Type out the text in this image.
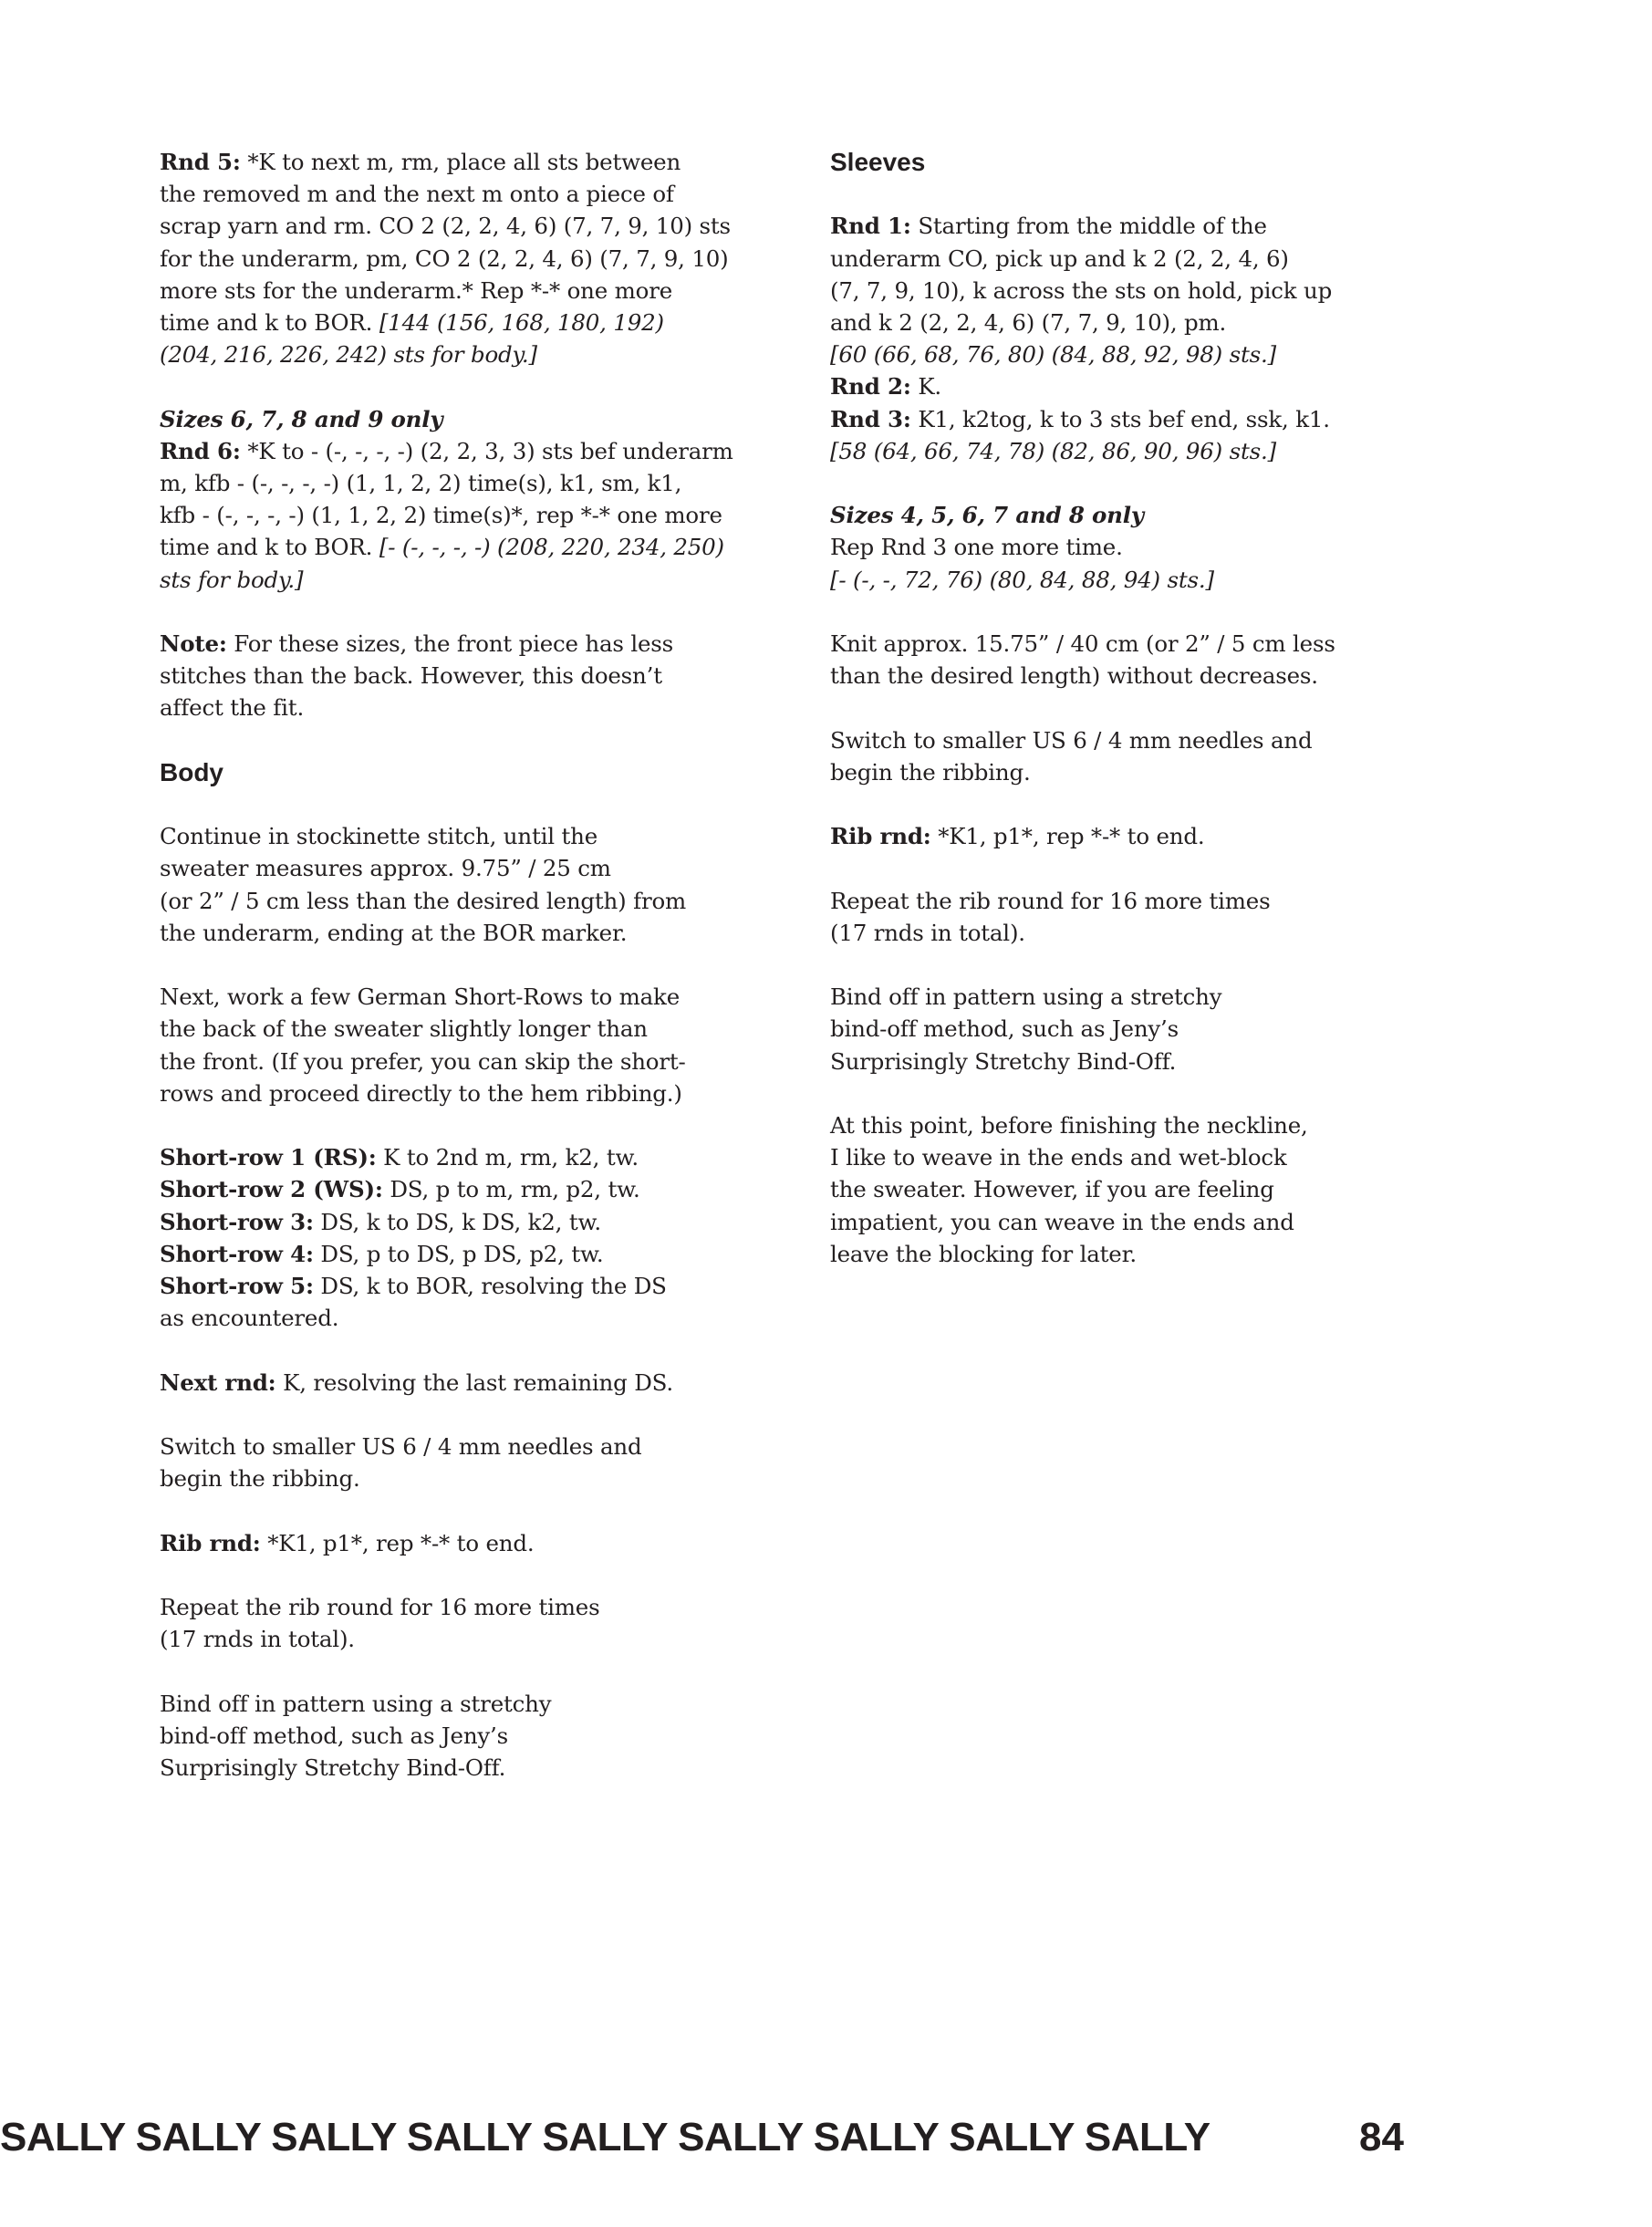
Rnd 5: *K to next m, rm, place all sts between
the removed m and the next m onto a piece of
scrap yarn and rm. CO 2 (2, 2, 4, 6) (7, 7, 9, 10) sts
for the underarm, pm, CO 2 (2, 2, 4, 6) (7, 7, 9, 10)
more sts for the underarm.* Rep *-* one more
time and k to BOR. [144 (156, 168, 180, 192)
(204, 216, 226, 242) sts for body.]

Sizes 6, 7, 8 and 9 only
Rnd 6: *K to - (-, -, -, -) (2, 2, 3, 3) sts bef underarm
m, kfb - (-, -, -, -) (1, 1, 2, 2) time(s), k1, sm, k1,
kfb - (-, -, -, -) (1, 1, 2, 2) time(s)*, rep *-* one more
time and k to BOR. [- (-, -, -, -) (208, 220, 234, 250)
sts for body.]

Note: For these sizes, the front piece has less
stitches than the back. However, this doesn’t
affect the fit.

Body

Continue in stockinette stitch, until the
sweater measures approx. 9.75” / 25 cm
(or 2” / 5 cm less than the desired length) from
the underarm, ending at the BOR marker.

Next, work a few German Short-Rows to make
the back of the sweater slightly longer than
the front. (If you prefer, you can skip the short-
rows and proceed directly to the hem ribbing.)

Short-row 1 (RS): K to 2nd m, rm, k2, tw.
Short-row 2 (WS): DS, p to m, rm, p2, tw.
Short-row 3: DS, k to DS, k DS, k2, tw.
Short-row 4: DS, p to DS, p DS, p2, tw.
Short-row 5: DS, k to BOR, resolving the DS
as encountered.

Next rnd: K, resolving the last remaining DS.

Switch to smaller US 6 / 4 mm needles and
begin the ribbing.

Rib rnd: *K1, p1*, rep *-* to end.

Repeat the rib round for 16 more times
(17 rnds in total).

Bind off in pattern using a stretchy
bind-off method, such as Jeny’s
Surprisingly Stretchy Bind-Off.

Sleeves

Rnd 1: Starting from the middle of the
underarm CO, pick up and k 2 (2, 2, 4, 6)
(7, 7, 9, 10), k across the sts on hold, pick up
and k 2 (2, 2, 4, 6) (7, 7, 9, 10), pm.
[60 (66, 68, 76, 80) (84, 88, 92, 98) sts.]
Rnd 2: K.
Rnd 3: K1, k2tog, k to 3 sts bef end, ssk, k1.
[58 (64, 66, 74, 78) (82, 86, 90, 96) sts.]

Sizes 4, 5, 6, 7 and 8 only
Rep Rnd 3 one more time.
[- (-, -, 72, 76) (80, 84, 88, 94) sts.]

Knit approx. 15.75” / 40 cm (or 2” / 5 cm less
than the desired length) without decreases.

Switch to smaller US 6 / 4 mm needles and
begin the ribbing.

Rib rnd: *K1, p1*, rep *-* to end.

Repeat the rib round for 16 more times
(17 rnds in total).

Bind off in pattern using a stretchy
bind-off method, such as Jeny’s
Surprisingly Stretchy Bind-Off.

At this point, before finishing the neckline,
I like to weave in the ends and wet-block
the sweater. However, if you are feeling
impatient, you can weave in the ends and
leave the blocking for later.

SALLY SALLY SALLY SALLY SALLY SALLY SALLY SALLY SALLY	84
